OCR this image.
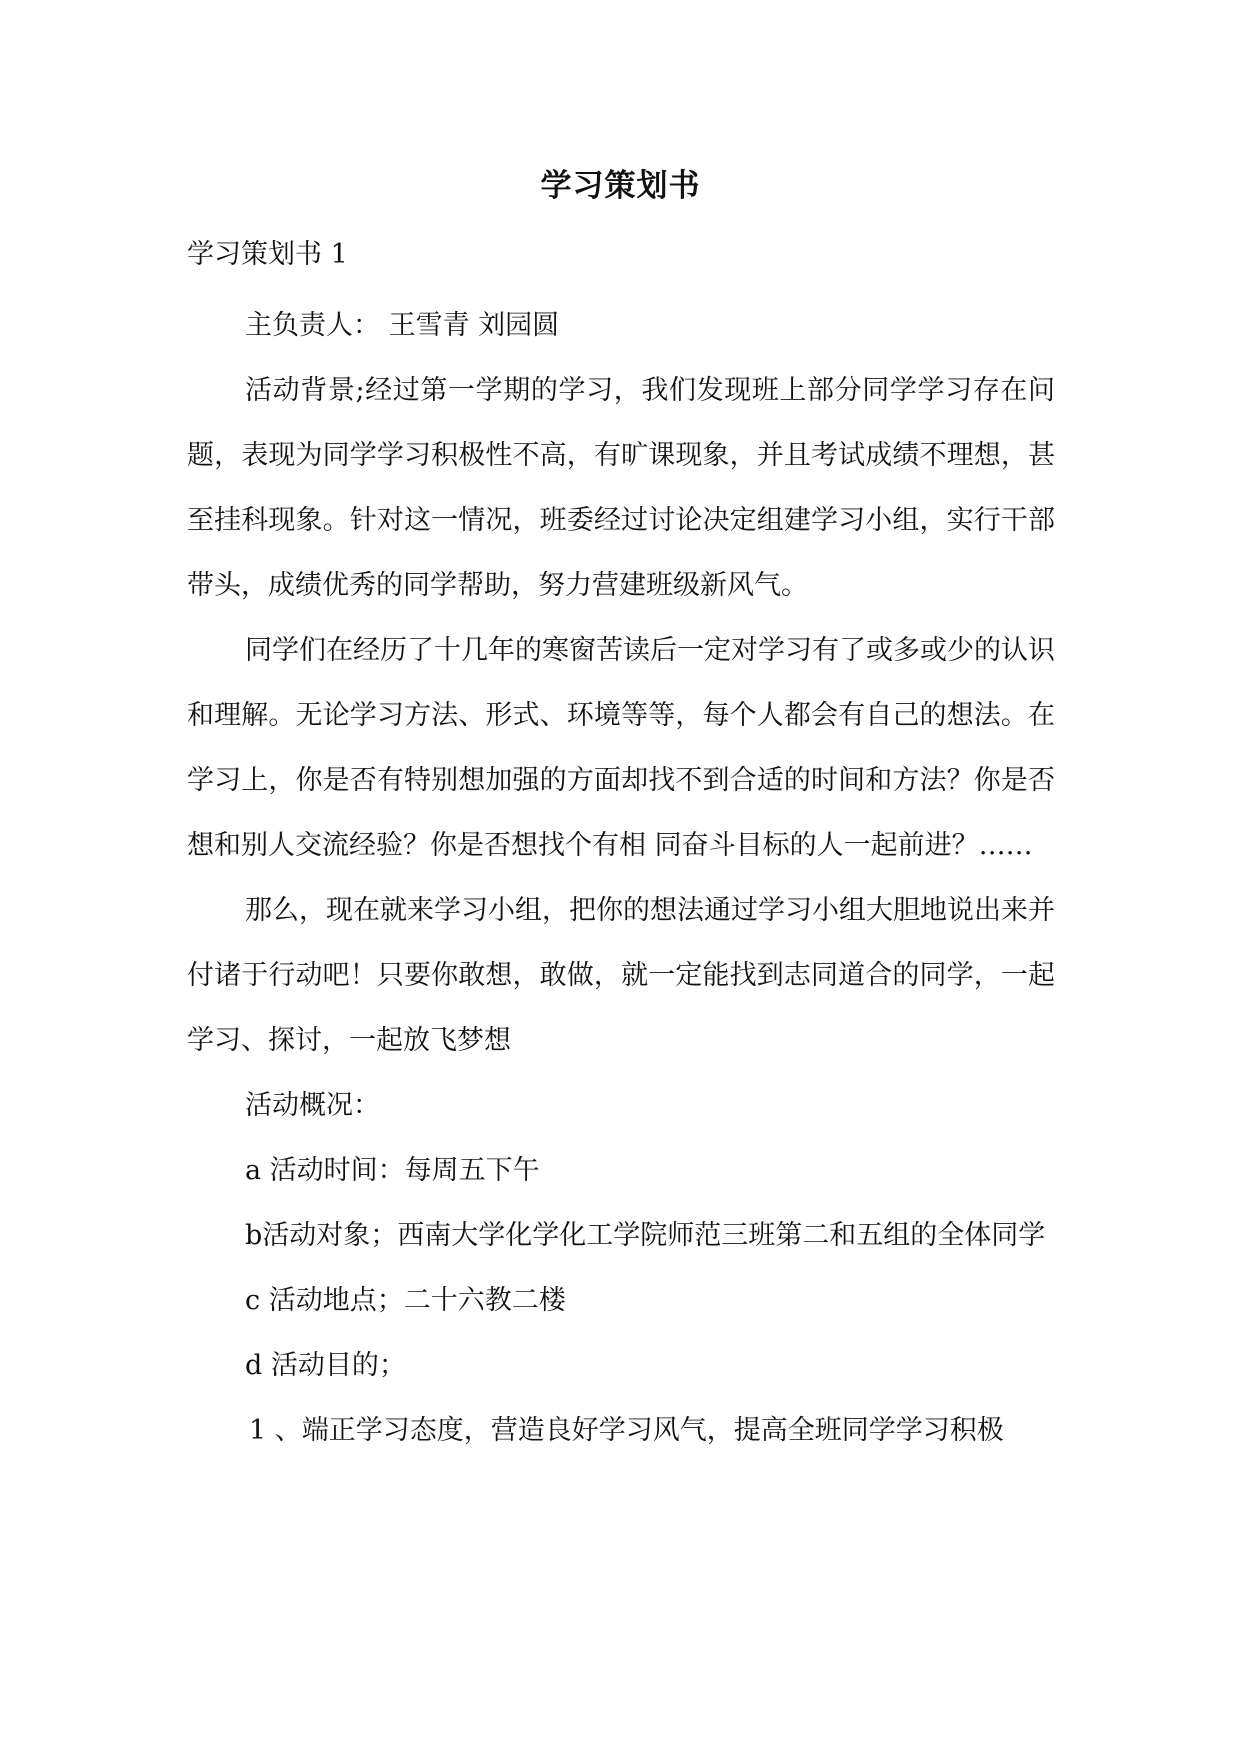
学习策划书
学习策划书 1

主负责人： 王雪青 刘园圆

活动背景;经过第一学期的学习，我们发现班上部分同学学习存在问题，表现为同学学习积极性不高，有旷课现象，并且考试成绩不理想，甚至挂科现象。针对这一情况，班委经过讨论决定组建学习小组，实行干部带头，成绩优秀的同学帮助，努力营建班级新风气。

同学们在经历了十几年的寒窗苦读后一定对学习有了或多或少的认识和理解。无论学习方法、形式、环境等等，每个人都会有自己的想法。在学习上，你是否有特别想加强的方面却找不到合适的时间和方法？你是否想和别人交流经验？你是否想找个有相 同奋斗目标的人一起前进？……

那么，现在就来学习小组，把你的想法通过学习小组大胆地说出来并付诸于行动吧！只要你敢想，敢做，就一定能找到志同道合的同学，一起学习、探讨，一起放飞梦想

活动概况：

a 活动时间：每周五下午

b活动对象；西南大学化学化工学院师范三班第二和五组的全体同学

c 活动地点；二十六教二楼

d 活动目的；

1 、端正学习态度，营造良好学习风气，提高全班同学学习积极
